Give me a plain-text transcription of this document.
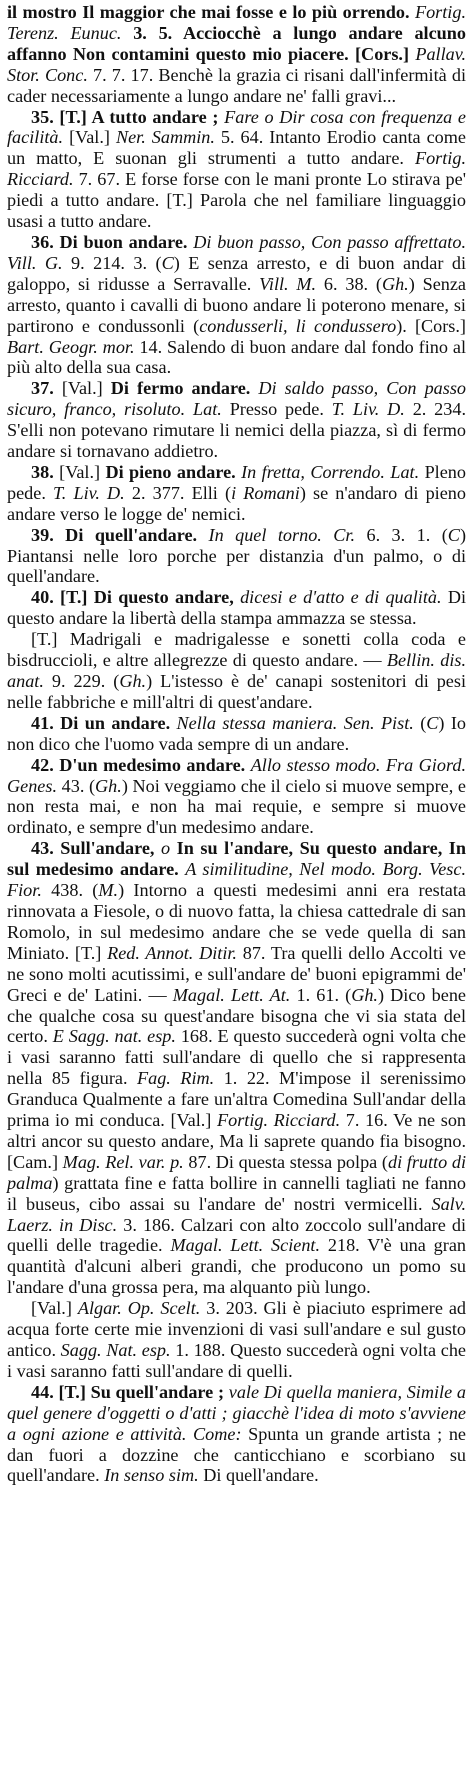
il mostro Il maggior che mai fosse e lo più orrendo. Fortig. Terenz. Eunuc. 3. 5. Acciocchè a lungo andare alcuno affanno Non contamini questo mio piacere. [Cors.] Pallav. Stor. Conc. 7. 7. 17. Benchè la grazia ci risani dall'infermità di cader necessariamente a lungo andare ne' falli gravi...

35. [T.] A tutto andare ; Fare o Dir cosa con frequenza e facilità. [Val.] Ner. Sammin. 5. 64. Intanto Erodio canta come un matto, E suonan gli strumenti a tutto andare. Fortig. Ricciard. 7. 67. E forse forse con le mani pronte Lo stirava pe' piedi a tutto andare. [T.] Parola che nel familiare linguaggio usasi a tutto andare.

36. Di buon andare. Di buon passo, Con passo affrettato. Vill. G. 9. 214. 3. (C) E senza arresto, e di buon andar di galoppo, si ridusse a Serravalle. Vill. M. 6. 38. (Gh.) Senza arresto, quanto i cavalli di buono andare li poterono menare, si partirono e condussonli (condusserli, li condussero). [Cors.] Bart. Geogr. mor. 14. Salendo di buon andare dal fondo fino al più alto della sua casa.

37. [Val.] Di fermo andare. Di saldo passo, Con passo sicuro, franco, risoluto. Lat. Presso pede. T. Liv. D. 2. 234. S'elli non potevano rimutare li nemici della piazza, sì di fermo andare si tornavano addietro.

38. [Val.] Di pieno andare. In fretta, Correndo. Lat. Pleno pede. T. Liv. D. 2. 377. Elli (i Romani) se n'andaro di pieno andare verso le logge de' nemici.

39. Di quell'andare. In quel torno. Cr. 6. 3. 1. (C) Piantansi nelle loro porche per distanzia d'un palmo, o di quell'andare.

40. [T.] Di questo andare, dicesi e d'atto e di qualità. Di questo andare la libertà della stampa ammazza se stessa.

[T.] Madrigali e madrigalesse e sonetti colla coda e bisdruccioli, e altre allegrezze di questo andare. — Bellin. dis. anat. 9. 229. (Gh.) L'istesso è de' canapi sostenitori di pesi nelle fabbriche e mill'altri di quest'andare.

41. Di un andare. Nella stessa maniera. Sen. Pist. (C) Io non dico che l'uomo vada sempre di un andare.

42. D'un medesimo andare. Allo stesso modo. Fra Giord. Genes. 43. (Gh.) Noi veggiamo che il cielo si muove sempre, e non resta mai, e non ha mai requie, e sempre si muove ordinato, e sempre d'un medesimo andare.

43. Sull'andare, o In su l'andare, Su questo andare, In sul medesimo andare. A similitudine, Nel modo. Borg. Vesc. Fior. 438. (M.) Intorno a questi medesimi anni era restata rinnovata a Fiesole, o di nuovo fatta, la chiesa cattedrale di san Romolo, in sul medesimo andare che se vede quella di san Miniato. [T.] Red. Annot. Ditir. 87. Tra quelli dello Accolti ve ne sono molti acutissimi, e sull'andare de' buoni epigrammi de' Greci e de' Latini. — Magal. Lett. At. 1. 61. (Gh.) Dico bene che qualche cosa su quest'andare bisogna che vi sia stata del certo. E Sagg. nat. esp. 168. E questo succederà ogni volta che i vasi saranno fatti sull'andare di quello che si rappresenta nella 85 figura. Fag. Rim. 1. 22. M'impose il serenissimo Granduca Qualmente a fare un'altra Comedina Sull'andar della prima io mi conduca. [Val.] Fortig. Ricciard. 7. 16. Ve ne son altri ancor su questo andare, Ma li saprete quando fia bisogno. [Cam.] Mag. Rel. var. p. 87. Di questa stessa polpa (di frutto di palma) grattata fine e fatta bollire in cannelli tagliati ne fanno il buseus, cibo assai su l'andare de' nostri vermicelli. Salv. Laerz. in Disc. 3. 186. Calzari con alto zoccolo sull'andare di quelli delle tragedie. Magal. Lett. Scient. 218. V'è una gran quantità d'alcuni alberi grandi, che producono un pomo su l'andare d'una grossa pera, ma alquanto più lungo.

[Val.] Algar. Op. Scelt. 3. 203. Gli è piaciuto esprimere ad acqua forte certe mie invenzioni di vasi sull'andare e sul gusto antico. Sagg. Nat. esp. 1. 188. Questo succederà ogni volta che i vasi saranno fatti sull'andare di quelli.

44. [T.] Su quell'andare ; vale Di quella maniera, Simile a quel genere d'oggetti o d'atti ; giacchè l'idea di moto s'avviene a ogni azione e attività. Come: Spunta un grande artista ; ne dan fuori a dozzine che canticchiano e scorbiano su quell'andare. In senso sim. Di quell'andare.
